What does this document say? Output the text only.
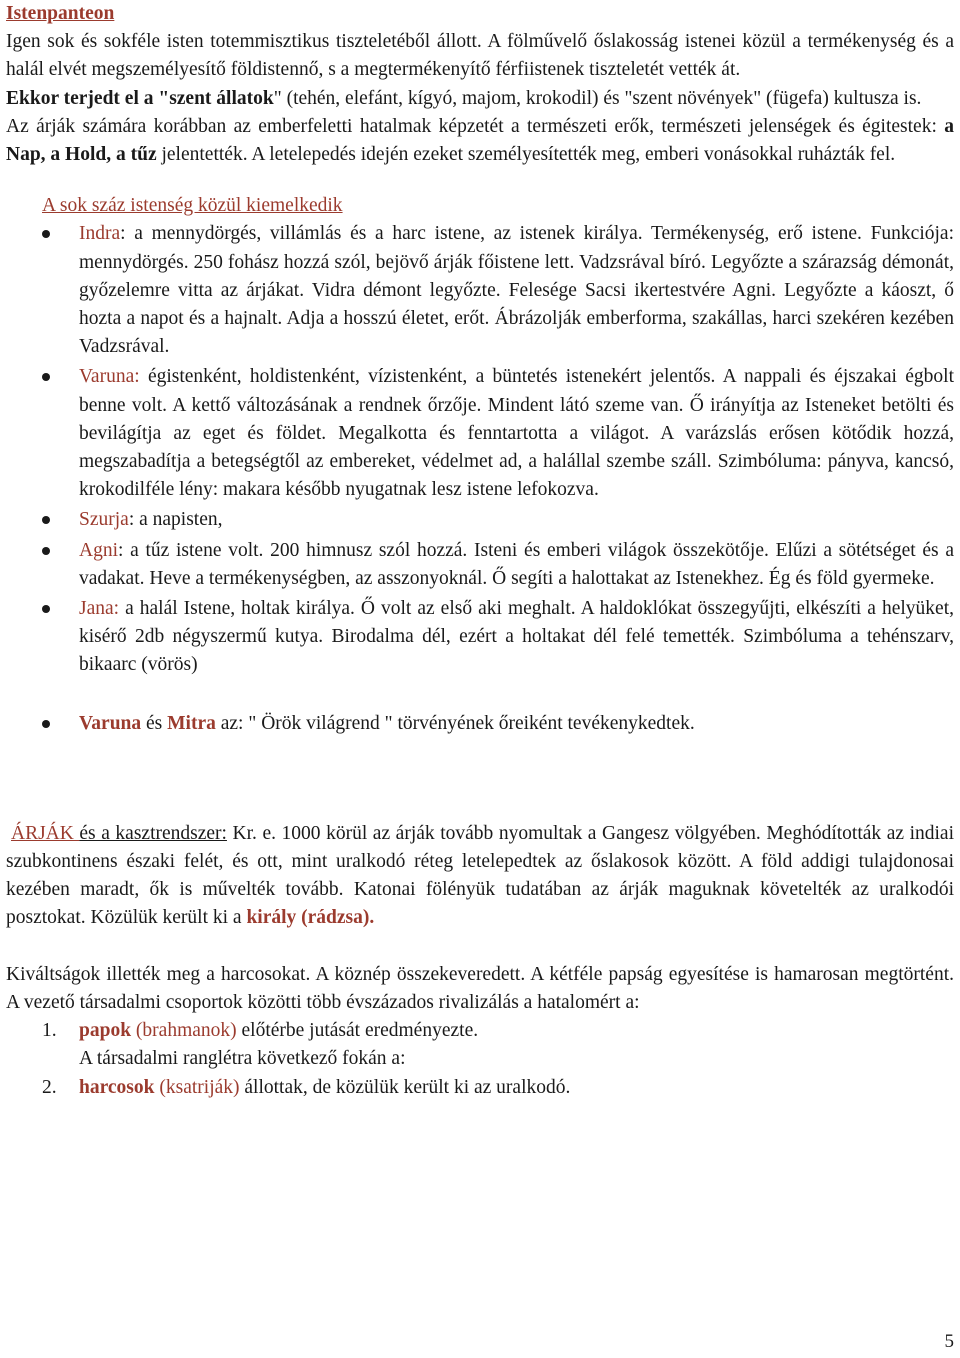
Istenpanteon

Igen sok és sokféle isten totemmisztikus tiszteletéből állott. A fölművelő őslakosság istenei közül a termékenység és a halál elvét megszemélyesítő földistennő, s a megtermékenyítő férfiistenek tiszteletét vették át.

Ekkor terjedt el a "szent állatok" (tehén, elefánt, kígyó, majom, krokodil) és "szent növények" (fügefa) kultusza is.

Az árják számára korábban az emberfeletti hatalmak képzetét a természeti erők, természeti jelenségek és égitestek: a Nap, a Hold, a tűz jelentették. A letelepedés idején ezeket személyesítették meg, emberi vonásokkal ruházták fel.

A sok száz istenség közül kiemelkedik

Indra: a mennydörgés, villámlás és a harc istene, az istenek királya. Termékenység, erő istene. Funkciója: mennydörgés. 250 fohász hozzá szól, bejövő árják főistene lett. Vadzsrával bíró. Legyőzte a szárazság démonát, győzelemre vitta az árjákat. Vidra démont legyőzte. Felesége Sacsi ikertestvére Agni. Legyőzte a káoszt, ő hozta a napot és a hajnalt. Adja a hosszú életet, erőt. Ábrázolják emberforma, szakállas, harci szekéren kezében Vadzsrával.
Varuna: égistenként, holdistenként, vízistenként, a büntetés istenekért jelentős. A nappali és éjszakai égbolt benne volt. A kettő változásának a rendnek őrzője. Mindent látó szeme van. Ő irányítja az Isteneket betölti és bevilágítja az eget és földet. Megalkotta és fenntartotta a világot. A varázslás erősen kötődik hozzá, megszabadítja a betegségtől az embereket, védelmet ad, a halállal szembe száll. Szimbóluma: pányva, kancsó, krokodilféle lény: makara később nyugatnak lesz istene lefokozva.
Szurja: a napisten,
Agni: a tűz istene volt. 200 himnusz szól hozzá. Isteni és emberi világok összekötője. Elűzi a sötétséget és a vadakat. Heve a termékenységben, az asszonyoknál. Ő segíti a halottakat az Istenekhez. Ég és föld gyermeke.
Jana: a halál Istene, holtak királya. Ő volt az első aki meghalt. A haldoklókat összegyűjti, elkészíti a helyüket, kisérő 2db négyszermű kutya. Birodalma dél, ezért a holtakat dél felé temették. Szimbóluma a tehénszarv, bikaarc (vörös)
Varuna és Mitra az: " Örök világrend " törvényének őreiként tevékenykedtek.

ÁRJÁK és a kasztrendszer: Kr. e. 1000 körül az árják tovább nyomultak a Gangesz völgyében. Meghódították az indiai szubkontinens északi felét, és ott, mint uralkodó réteg letelepedtek az őslakosok között. A föld addigi tulajdonosai kezében maradt, ők is művelték tovább. Katonai fölényük tudatában az árják maguknak követelték az uralkodói posztokat. Közülük került ki a király (rádzsa).

Kiváltságok illették meg a harcosokat. A köznép összekeveredett. A kétféle papság egyesítése is hamarosan megtörtént. A vezető társadalmi csoportok közötti több évszázados rivalizálás a hatalomért a:

1. papok (brahmanok) előtérbe jutását eredményezte.
A társadalmi ranglétra következő fokán a:
2. harcosok (ksatriják) állottak, de közülük került ki az uralkodó.
5
